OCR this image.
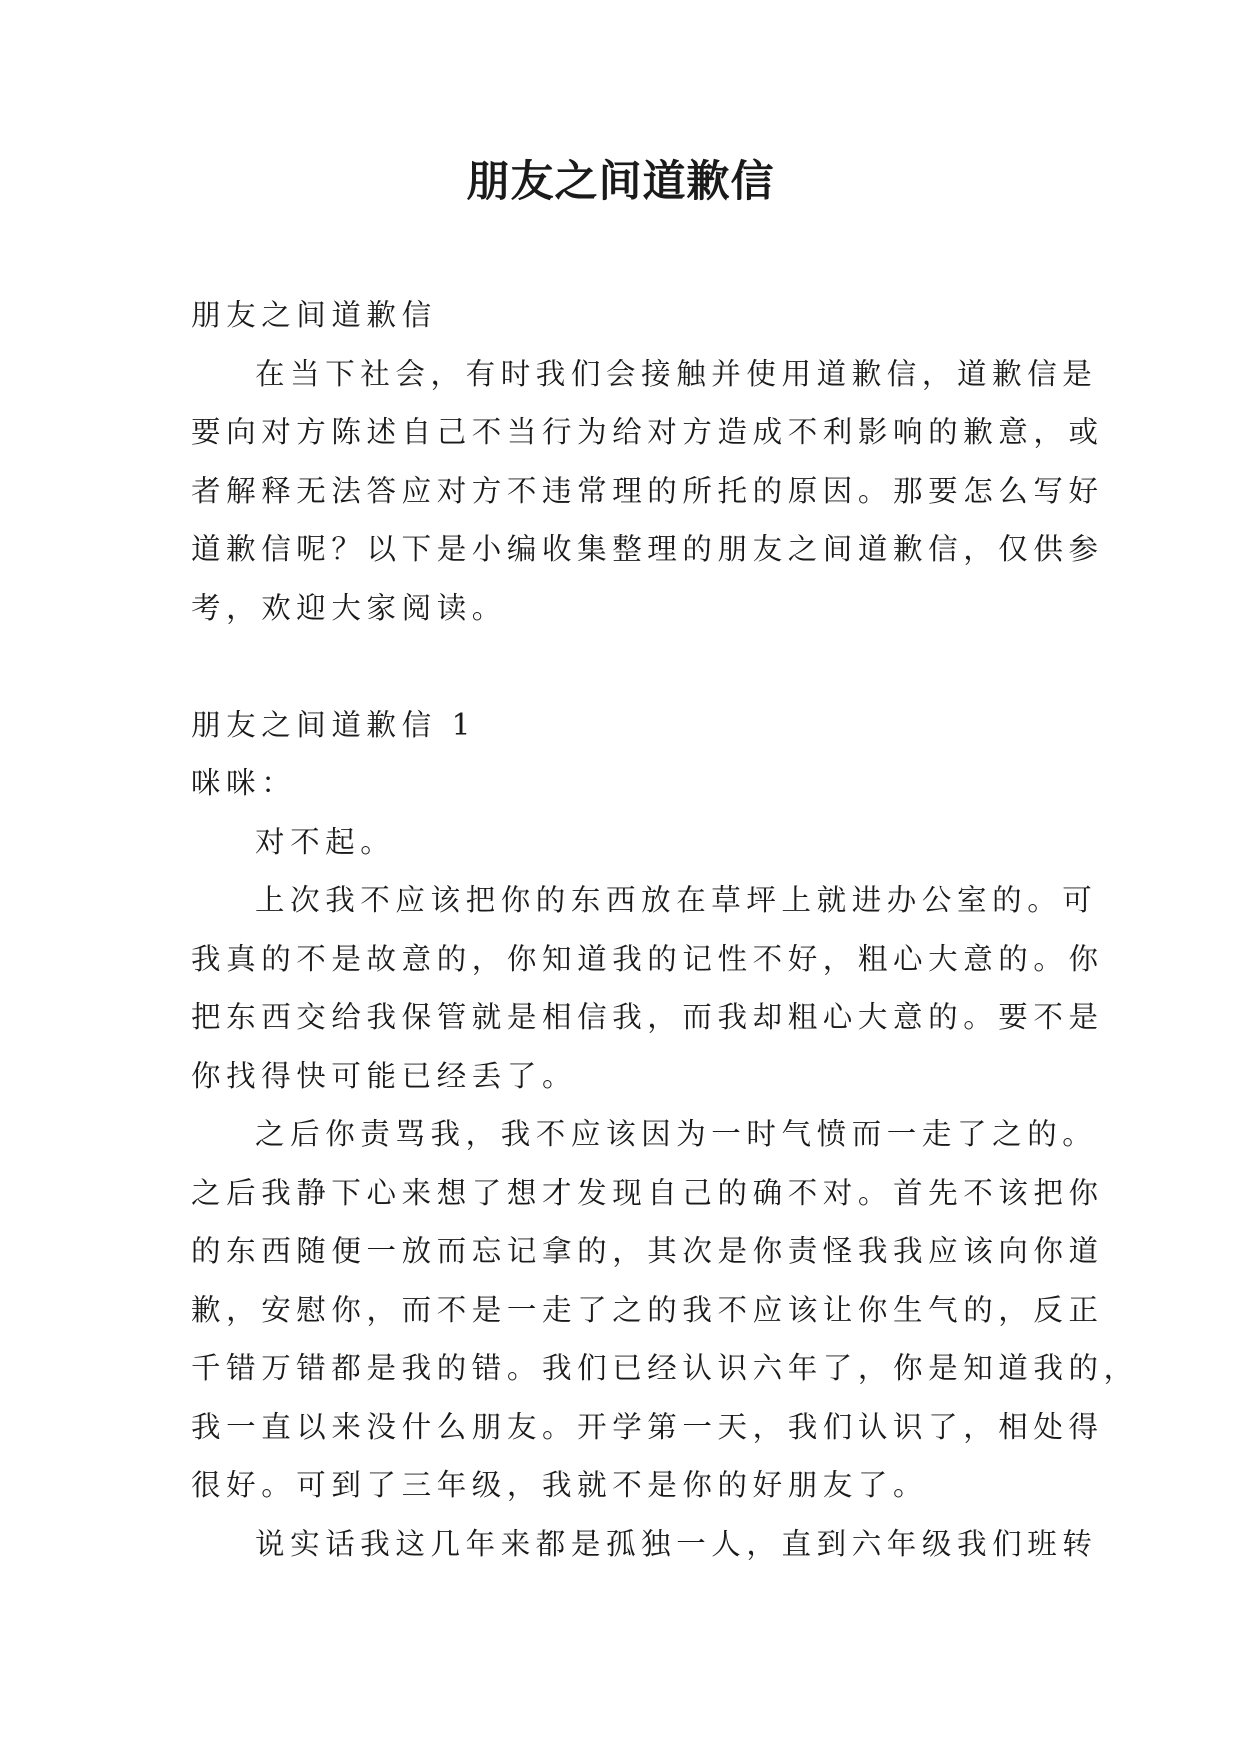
朋友之间道歉信
朋友之间道歉信
在当下社会，有时我们会接触并使用道歉信，道歉信是
要向对方陈述自己不当行为给对方造成不利影响的歉意，或
者解释无法答应对方不违常理的所托的原因。那要怎么写好
道歉信呢？以下是小编收集整理的朋友之间道歉信，仅供参
考，欢迎大家阅读。
朋友之间道歉信 1
咪咪：
对不起。
上次我不应该把你的东西放在草坪上就进办公室的。可
我真的不是故意的，你知道我的记性不好，粗心大意的。你
把东西交给我保管就是相信我，而我却粗心大意的。要不是
你找得快可能已经丢了。
之后你责骂我，我不应该因为一时气愤而一走了之的。
之后我静下心来想了想才发现自己的确不对。首先不该把你
的东西随便一放而忘记拿的，其次是你责怪我我应该向你道
歉，安慰你，而不是一走了之的我不应该让你生气的，反正
千错万错都是我的错。我们已经认识六年了，你是知道我的，
我一直以来没什么朋友。开学第一天，我们认识了，相处得
很好。可到了三年级，我就不是你的好朋友了。
说实话我这几年来都是孤独一人，直到六年级我们班转
